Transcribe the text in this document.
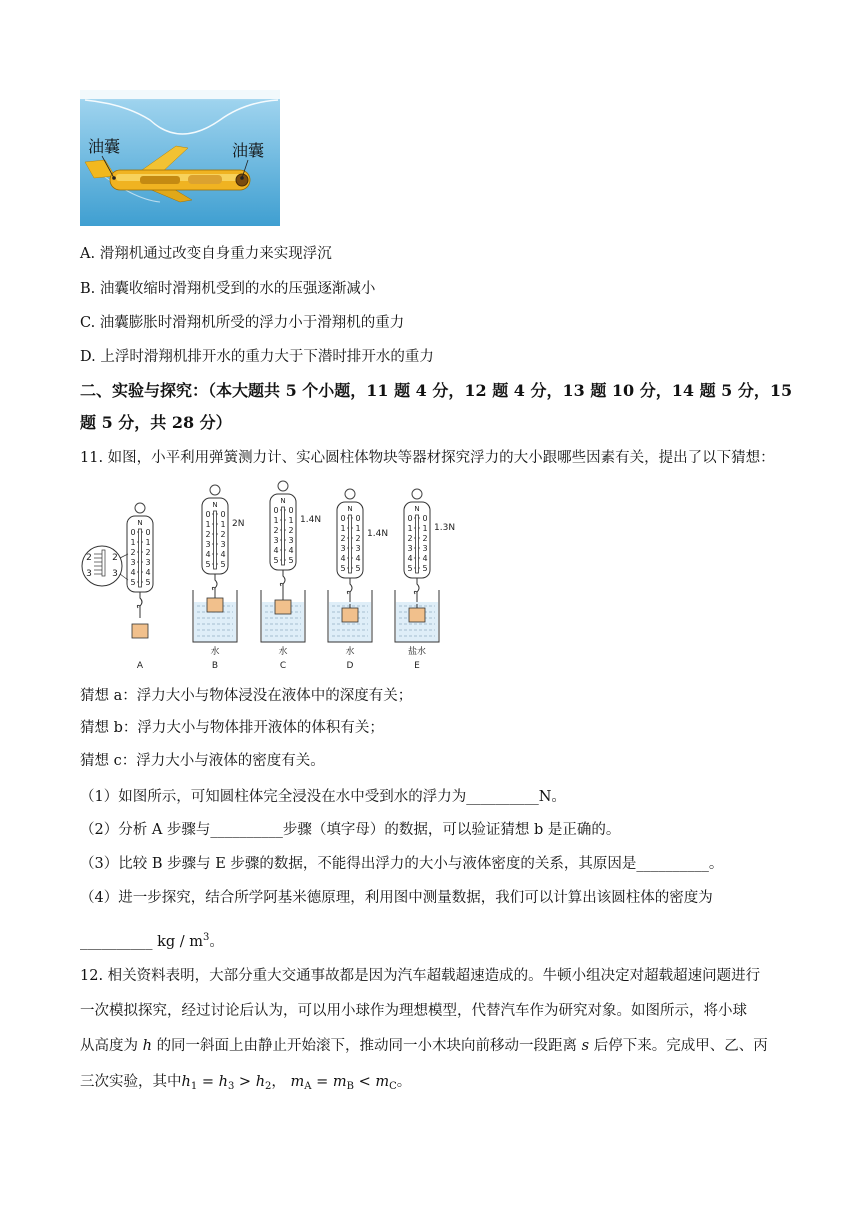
油囊	油囊
A. 滑翔机通过改变自身重力来实现浮沉
B. 油囊收缩时滑翔机受到的水的压强逐渐减小
C. 油囊膨胀时滑翔机所受的浮力小于滑翔机的重力
D. 上浮时滑翔机排开水的重力大于下潜时排开水的重力
二、实验与探究：（本大题共 5 个小题，11 题 4 分，12 题 4 分，13 题 10 分，14 题 5 分，15
题 5 分，共 28 分）
11. 如图，小平利用弹簧测力计、实心圆柱体物块等器材探究浮力的大小跟哪些因素有关，提出了以下猜想：
N
0 0
1 1
2 2
3 3
4 4
5 5
A
N
0 0
1 1
2 2
3 3
4 4
5 5
2N
水
B
N
0 0
1 1
2 2
3 3
4 4
5 5
1.4N
水
C
N
0 0
1 1
2 2
3 3
4 4
5 5
1.4N
水
D
N
0 0
1 1
2 2
3 3
4 4
5 5
1.3N
盐水
E
2
3
2
3
猜想 a：浮力大小与物体浸没在液体中的深度有关；
猜想 b：浮力大小与物体排开液体的体积有关；
猜想 c：浮力大小与液体的密度有关。
（1）如图所示，可知圆柱体完全浸没在水中受到水的浮力为__________N。
（2）分析 A 步骤与__________步骤（填字母）的数据，可以验证猜想 b 是正确的。
（3）比较 B 步骤与 E 步骤的数据，不能得出浮力的大小与液体密度的关系，其原因是__________。
（4）进一步探究，结合所学阿基米德原理，利用图中测量数据，我们可以计算出该圆柱体的密度为
__________ kg / $m^3$。
12. 相关资料表明，大部分重大交通事故都是因为汽车超载超速造成的。牛顿小组决定对超载超速问题进行
一次模拟探究，经过讨论后认为，可以用小球作为理想模型，代替汽车作为研究对象。如图所示，将小球
从高度为 h 的同一斜面上由静止开始滚下，推动同一小木块向前移动一段距离 s 后停下来。完成甲、乙、丙
三次实验，其中$h_1 = h_3 > h_2$， $m_A = m_B < m_C$。
